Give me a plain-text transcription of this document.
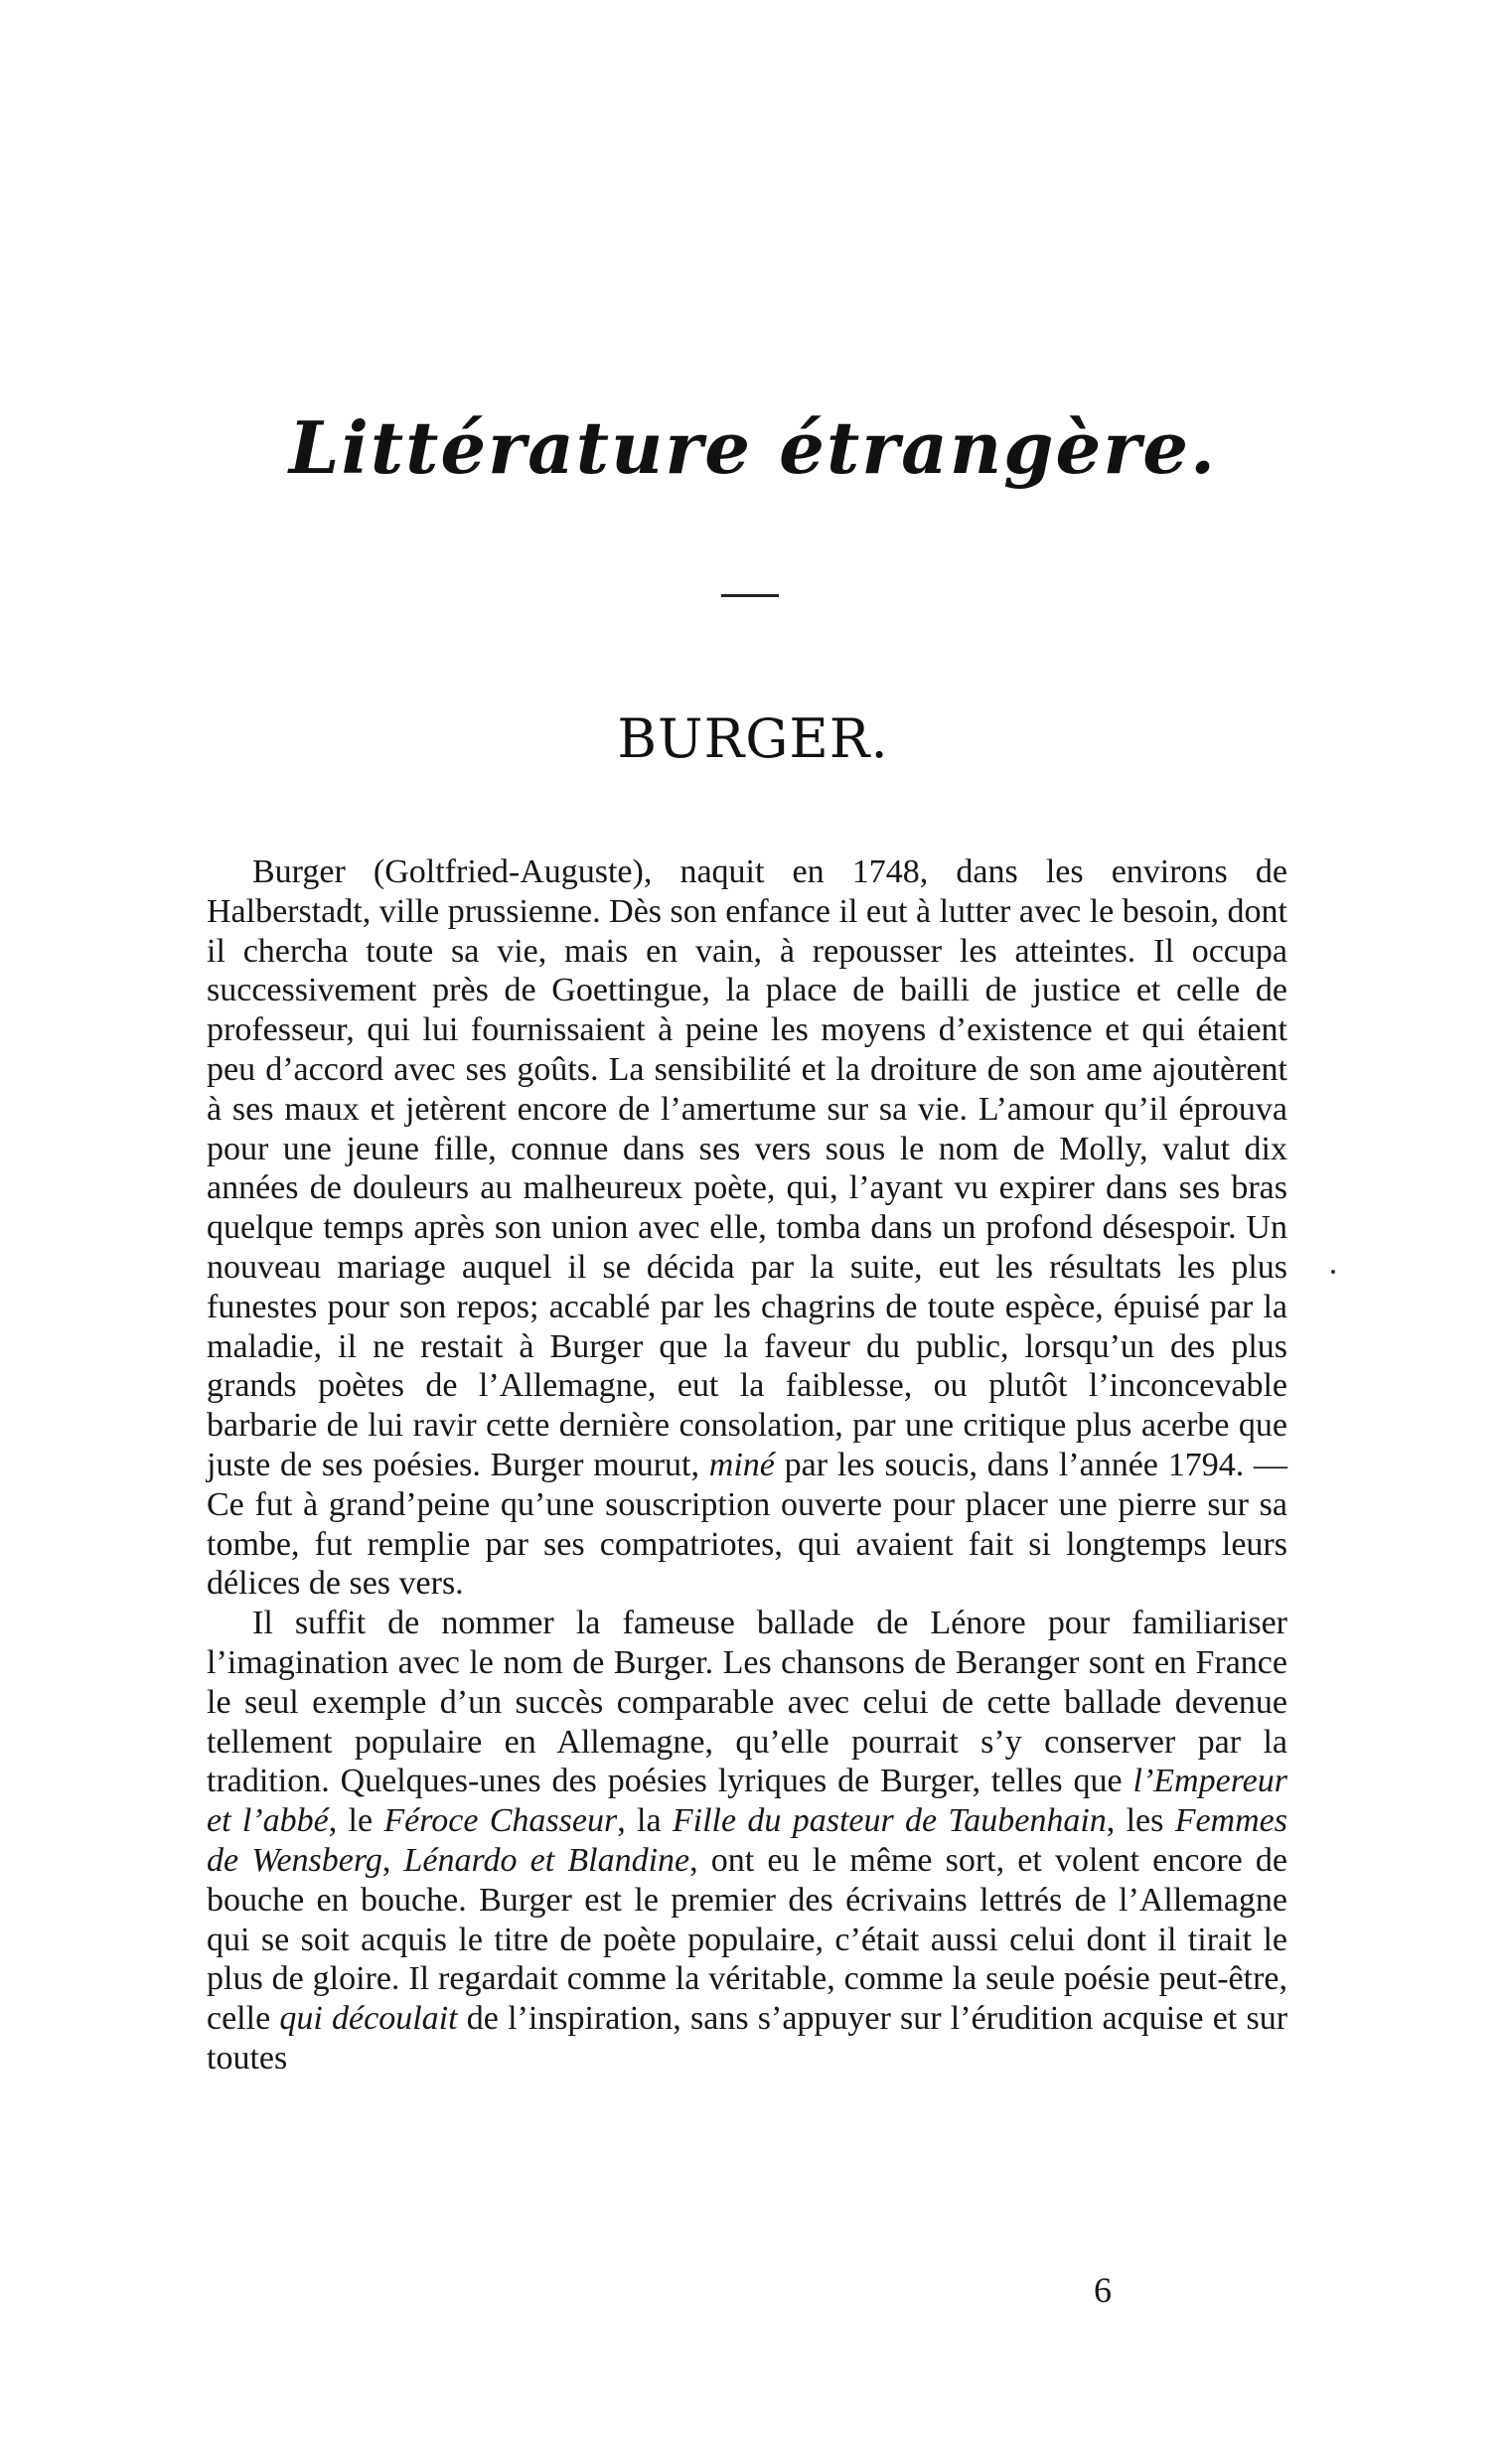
Littérature étrangère.
BURGER.

Burger (Goltfried-Auguste), naquit en 1748, dans les environs de Halberstadt, ville prussienne. Dès son enfance il eut à lutter avec le besoin, dont il chercha toute sa vie, mais en vain, à repousser les atteintes. Il occupa successivement près de Goettingue, la place de bailli de justice et celle de professeur, qui lui fournissaient à peine les moyens d’existence et qui étaient peu d’accord avec ses goûts. La sensibilité et la droiture de son ame ajoutèrent à ses maux et jetèrent encore de l’amertume sur sa vie. L’amour qu’il éprouva pour une jeune fille, connue dans ses vers sous le nom de Molly, valut dix années de douleurs au malheureux poète, qui, l’ayant vu expirer dans ses bras quelque temps après son union avec elle, tomba dans un profond désespoir. Un nouveau mariage auquel il se décida par la suite, eut les résultats les plus funestes pour son repos; accablé par les chagrins de toute espèce, épuisé par la maladie, il ne restait à Burger que la faveur du public, lorsqu’un des plus grands poètes de l’Allemagne, eut la faiblesse, ou plutôt l’inconcevable barbarie de lui ravir cette dernière consolation, par une critique plus acerbe que juste de ses poésies. Burger mourut, miné par les soucis, dans l’année 1794. — Ce fut à grand’peine qu’une souscription ouverte pour placer une pierre sur sa tombe, fut remplie par ses compatriotes, qui avaient fait si longtemps leurs délices de ses vers.

Il suffit de nommer la fameuse ballade de Lénore pour familiariser l’imagination avec le nom de Burger. Les chansons de Beranger sont en France le seul exemple d’un succès comparable avec celui de cette ballade devenue tellement populaire en Allemagne, qu’elle pourrait s’y conserver par la tradition. Quelques-unes des poésies lyriques de Burger, telles que l’Empereur et l’abbé, le Féroce Chasseur, la Fille du pasteur de Taubenhain, les Femmes de Wensberg, Lénardo et Blandine, ont eu le même sort, et volent encore de bouche en bouche. Burger est le premier des écrivains lettrés de l’Allemagne qui se soit acquis le titre de poète populaire, c’était aussi celui dont il tirait le plus de gloire. Il regardait comme la véritable, comme la seule poésie peut-être, celle qui découlait de l’inspiration, sans s’appuyer sur l’érudition acquise et sur toutes

6
